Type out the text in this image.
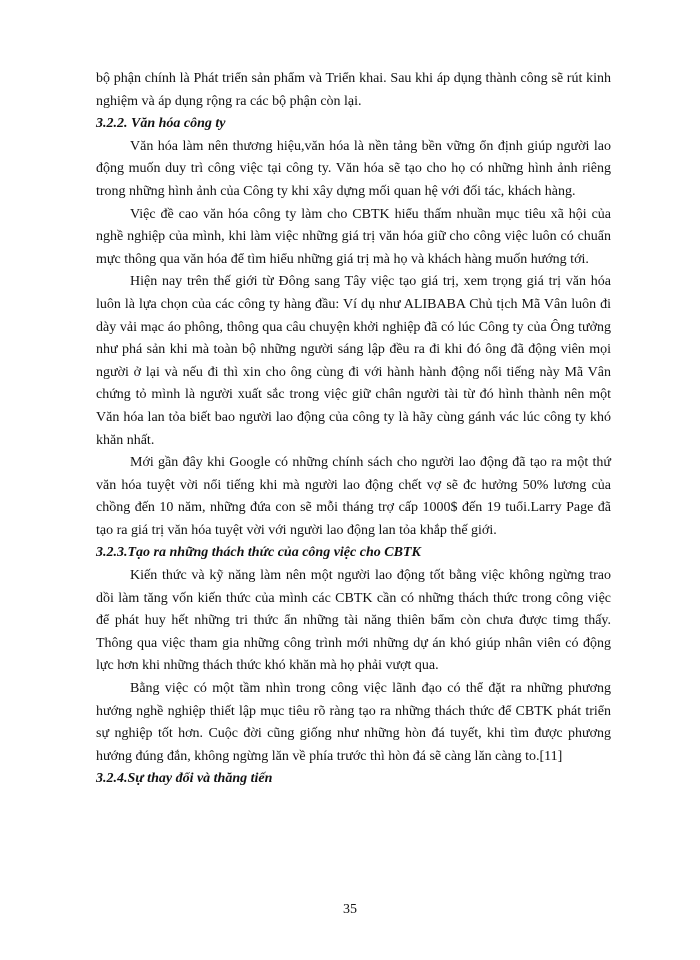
bộ phận chính là Phát triển sản phẩm và Triển khai. Sau khi áp dụng thành công sẽ rút kinh nghiệm và áp dụng rộng ra các bộ phận còn lại.

3.2.2. Văn hóa công ty

Văn hóa làm nên thương hiệu,văn hóa là nền tảng bền vững ổn định giúp người lao động muốn duy trì công việc tại công ty. Văn hóa sẽ tạo cho họ có những hình ảnh riêng trong những hình ảnh của Công ty khi xây dựng mối quan hệ với đối tác, khách hàng.

Việc đề cao văn hóa công ty làm cho CBTK hiểu thấm nhuần mục tiêu xã hội của nghề nghiệp của mình, khi làm việc những giá trị văn hóa giữ cho công việc luôn có chuẩn mực thông qua văn hóa để tìm hiểu những giá trị mà họ và khách hàng muốn hướng tới.

Hiện nay trên thế giới từ Đông sang Tây việc tạo giá trị, xem trọng giá trị văn hóa luôn là lựa chọn của các công ty hàng đầu: Ví dụ như ALIBABA Chủ tịch Mã Vân luôn đi dày vải mạc áo phông, thông qua câu chuyện khởi nghiệp đã có lúc Công ty của Ông tưởng như phá sản khi mà toàn bộ những người sáng lập đều ra đi khi đó ông đã động viên mọi người ở lại và nếu đi thì xin cho ông cùng đi với hành hành động nổi tiếng này Mã Vân chứng tỏ mình là người xuất sắc trong việc giữ chân người tài từ đó hình thành nên một Văn hóa lan tỏa biết bao người lao động của công ty là hãy cùng gánh vác lúc công ty khó khăn nhất.

Mới gần đây khi Google có những chính sách cho người lao động đã tạo ra một thứ văn hóa tuyệt vời nổi tiếng khi mà người lao động chết vợ sẽ đc hưởng 50% lương của chồng đến 10 năm, những đứa con sẽ mỗi tháng trợ cấp 1000$ đến 19 tuổi.Larry Page đã tạo ra giá trị văn hóa tuyệt vời với người lao động lan tỏa khắp thế giới.

3.2.3.Tạo ra những thách thức của công việc cho CBTK

Kiến thức và kỹ năng làm nên một người lao động tốt bằng việc không ngừng trao dồi làm tăng vốn kiến thức của mình các CBTK cần có những thách thức trong công việc để phát huy hết những tri thức ẩn những tài năng thiên bẩm còn chưa được timg thấy. Thông qua việc tham gia những công trình mới những dự án khó giúp nhân viên có động lực hơn khi những thách thức khó khăn mà họ phải vượt qua.

Bằng việc có một tầm nhìn trong công việc lãnh đạo có thể đặt ra những phương hướng nghề nghiệp thiết lập mục tiêu rõ ràng tạo ra những thách thức để CBTK phát triển sự nghiệp tốt hơn. Cuộc đời cũng giống như những hòn đá tuyết, khi tìm được phương hướng đúng đắn, không ngừng lăn về phía trước thì hòn đá sẽ càng lăn càng to.[11]

3.2.4.Sự thay đổi và thăng tiến
35
